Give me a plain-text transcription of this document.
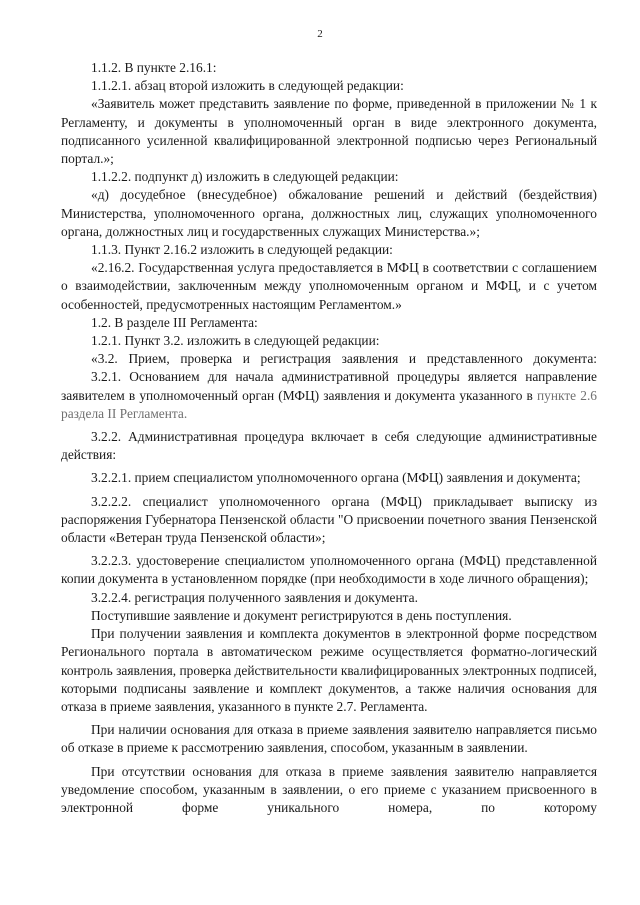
2

1.1.2. В пункте 2.16.1:

1.1.2.1. абзац второй изложить в следующей редакции:

«Заявитель может представить заявление по форме, приведенной в приложении № 1 к Регламенту, и документы в уполномоченный орган в виде электронного документа, подписанного усиленной квалифицированной электронной подписью через Региональный портал.»;

1.1.2.2. подпункт д) изложить в следующей редакции:

«д) досудебное (внесудебное) обжалование решений и действий (бездействия) Министерства, уполномоченного органа, должностных лиц, служащих уполномоченного органа, должностных лиц и государственных служащих Министерства.»;

1.1.3. Пункт 2.16.2 изложить в следующей редакции:

«2.16.2. Государственная услуга предоставляется в МФЦ в соответствии с соглашением о взаимодействии, заключенным между уполномоченным органом и МФЦ, и с учетом особенностей, предусмотренных настоящим Регламентом.»

1.2. В разделе III Регламента:

1.2.1. Пункт 3.2. изложить в следующей редакции:

«3.2. Прием, проверка и регистрация заявления и представленного документа:

3.2.1. Основанием для начала административной процедуры является направление заявителем в уполномоченный орган (МФЦ) заявления и документа указанного в пункте 2.6 раздела II Регламента.

3.2.2. Административная процедура включает в себя следующие административные действия:

3.2.2.1. прием специалистом уполномоченного органа (МФЦ) заявления и документа;

3.2.2.2. специалист уполномоченного органа (МФЦ) прикладывает выписку из распоряжения Губернатора Пензенской области "О присвоении почетного звания Пензенской области «Ветеран труда Пензенской области»;

3.2.2.3. удостоверение специалистом уполномоченного органа (МФЦ) представленной копии документа в установленном порядке (при необходимости в ходе личного обращения);

3.2.2.4. регистрация полученного заявления и документа.

Поступившие заявление и документ регистрируются в день поступления.

При получении заявления и комплекта документов в электронной форме посредством Регионального портала в автоматическом режиме осуществляется форматно-логический контроль заявления, проверка действительности квалифицированных электронных подписей, которыми подписаны заявление и комплект документов, а также наличия основания для отказа в приеме заявления, указанного в пункте 2.7. Регламента.

При наличии основания для отказа в приеме заявления заявителю направляется письмо об отказе в приеме к рассмотрению заявления, способом, указанным в заявлении.

При отсутствии основания для отказа в приеме заявления заявителю направляется уведомление способом, указанным в заявлении, о его приеме с указанием присвоенного в электронной форме уникального номера, по которому
